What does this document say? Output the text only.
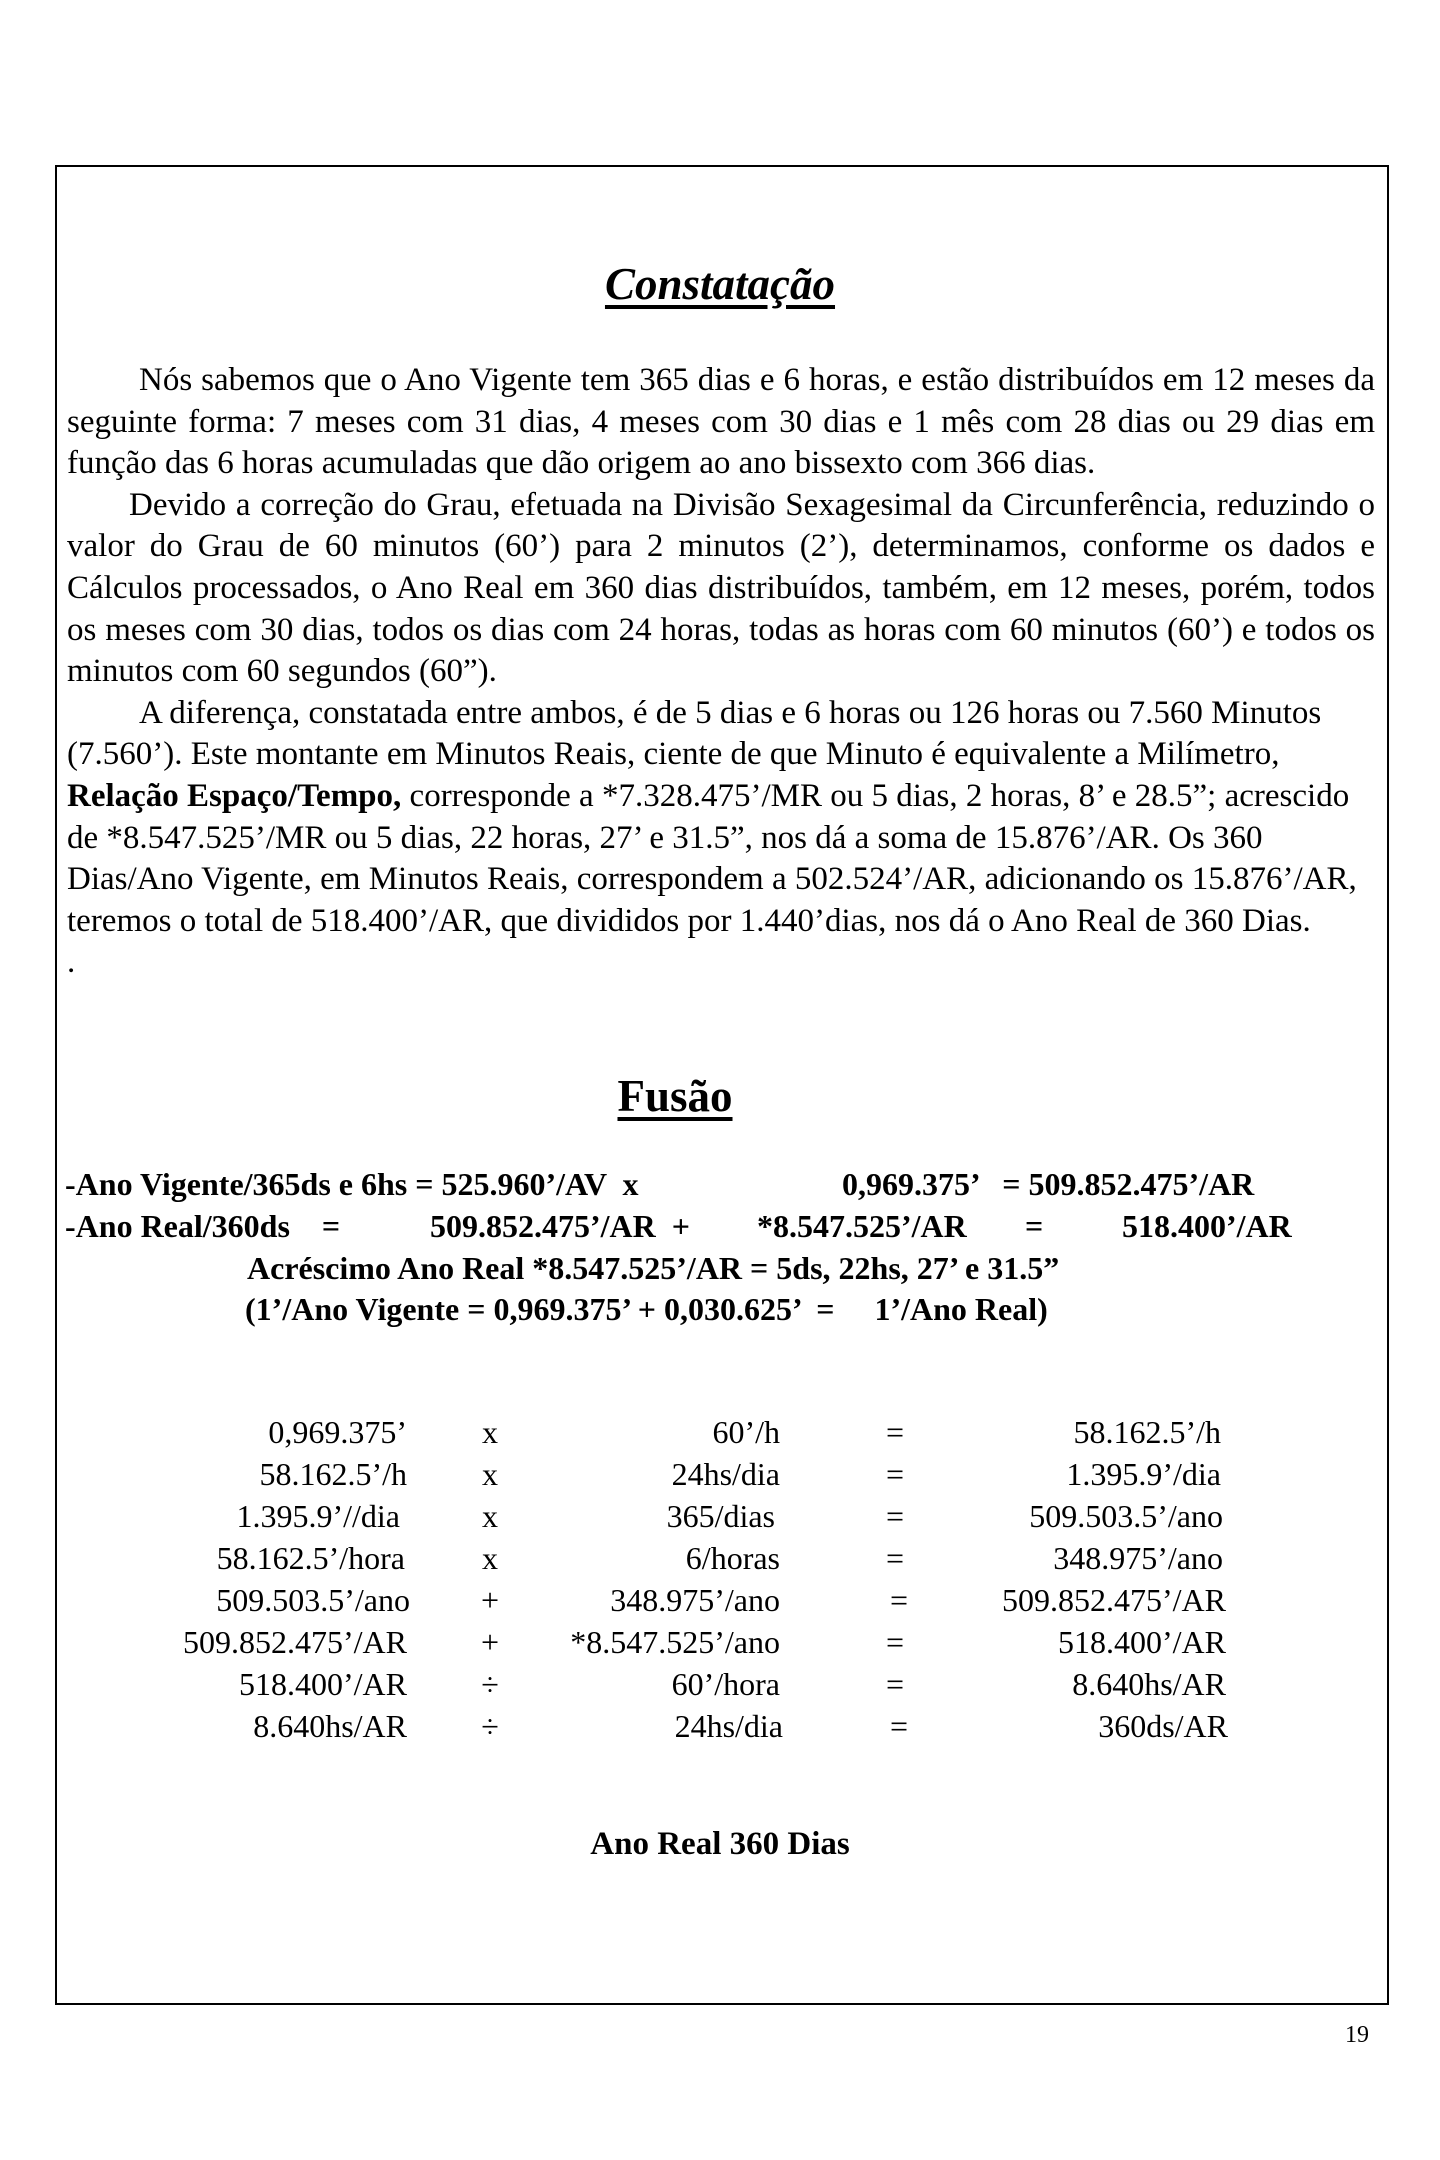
Constatação

Nós sabemos que o Ano Vigente tem 365 dias e 6 horas, e estão distribuídos em 12 meses da seguinte forma: 7 meses com 31 dias, 4 meses com 30 dias e 1 mês com 28 dias ou 29 dias em função das 6 horas acumuladas que dão origem ao ano bissexto com 366 dias.

Devido a correção do Grau, efetuada na Divisão Sexagesimal da Circunferência, reduzindo o valor do Grau de 60 minutos (60’) para 2 minutos (2’), determinamos, conforme os dados e Cálculos processados, o Ano Real em 360 dias distribuídos, também, em 12 meses, porém, todos os meses com 30 dias, todos os dias com 24 horas, todas as horas com 60 minutos (60’) e todos os minutos com 60 segundos (60”).

A diferença, constatada entre ambos, é de 5 dias e 6 horas ou 126 horas ou 7.560 Minutos (7.560’). Este montante em Minutos Reais, ciente de que Minuto é equivalente a Milímetro, Relação Espaço/Tempo, corresponde a *7.328.475’/MR ou 5 dias, 2 horas, 8’ e 28.5”; acrescido de *8.547.525’/MR ou 5 dias, 22 horas, 27’ e 31.5”, nos dá a soma de 15.876’/AR. Os 360 Dias/Ano Vigente, em Minutos Reais, correspondem a 502.524’/AR, adicionando os 15.876’/AR, teremos o total de 518.400’/AR, que divididos por 1.440’dias, nos dá o Ano Real de 360 Dias.

.

Fusão
-Ano Vigente/365ds e 6hs = 525.960’/AV  x	0,969.375’   = 509.852.475’/AR
-Ano Real/360ds    =	509.852.475’/AR  + *8.547.525’/AR = 518.400’/AR
Acréscimo Ano Real *8.547.525’/AR = 5ds, 22hs, 27’ e 31.5”
(1’/Ano Vigente = 0,969.375’ + 0,030.625’  =     1’/Ano Real)
0,969.375’	x	60’/h	=	58.162.5’/h
58.162.5’/h	x	24hs/dia	=	1.395.9’/dia
1.395.9’//dia	x	365/dias	=	509.503.5’/ano
58.162.5’/hora	x	6/horas	=	348.975’/ano
509.503.5’/ano	+	348.975’/ano	=	509.852.475’/AR
509.852.475’/AR	+	*8.547.525’/ano	=	518.400’/AR
518.400’/AR	÷	60’/hora	=	8.640hs/AR
8.640hs/AR	÷	24hs/dia	=	360ds/AR

Ano Real 360 Dias

19
